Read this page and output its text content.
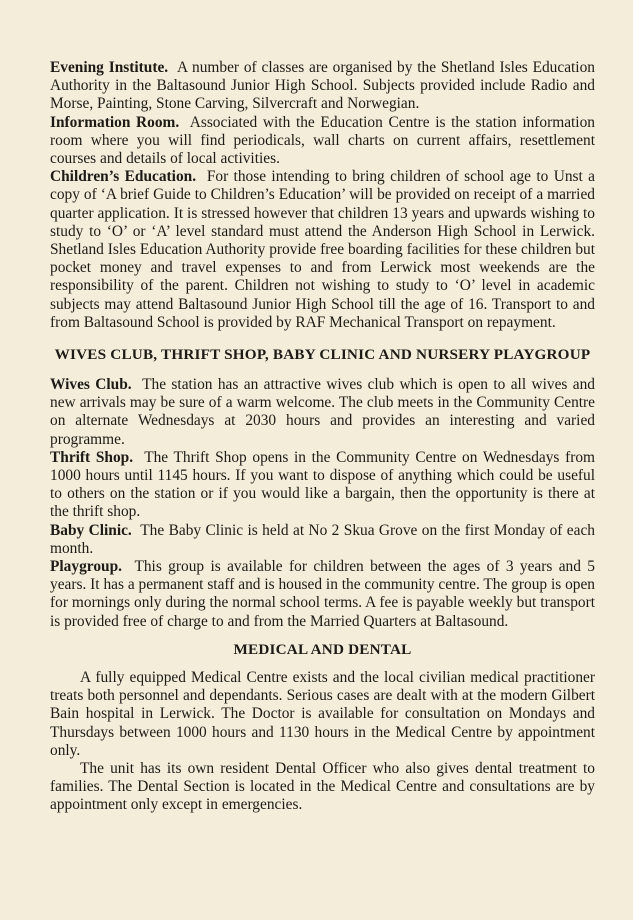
Evening Institute. A number of classes are organised by the Shetland Isles Education Authority in the Baltasound Junior High School. Subjects provided include Radio and Morse, Painting, Stone Carving, Silvercraft and Norwegian.

Information Room. Associated with the Education Centre is the station information room where you will find periodicals, wall charts on current affairs, resettlement courses and details of local activities.

Children’s Education. For those intending to bring children of school age to Unst a copy of ‘A brief Guide to Children’s Education’ will be provided on receipt of a married quarter application. It is stressed however that children 13 years and upwards wishing to study to ‘O’ or ‘A’ level standard must attend the Anderson High School in Lerwick. Shetland Isles Education Authority provide free boarding facilities for these children but pocket money and travel expenses to and from Lerwick most weekends are the responsibility of the parent. Children not wishing to study to ‘O’ level in academic subjects may attend Baltasound Junior High School till the age of 16. Transport to and from Baltasound School is provided by RAF Mechanical Transport on repayment.

WIVES CLUB, THRIFT SHOP, BABY CLINIC AND NURSERY PLAYGROUP

Wives Club. The station has an attractive wives club which is open to all wives and new arrivals may be sure of a warm welcome. The club meets in the Community Centre on alternate Wednesdays at 2030 hours and provides an interesting and varied programme.

Thrift Shop. The Thrift Shop opens in the Community Centre on Wednesdays from 1000 hours until 1145 hours. If you want to dispose of anything which could be useful to others on the station or if you would like a bargain, then the opportunity is there at the thrift shop.

Baby Clinic. The Baby Clinic is held at No 2 Skua Grove on the first Monday of each month.

Playgroup. This group is available for children between the ages of 3 years and 5 years. It has a permanent staff and is housed in the community centre. The group is open for mornings only during the normal school terms. A fee is payable weekly but transport is provided free of charge to and from the Married Quarters at Baltasound.

MEDICAL AND DENTAL

A fully equipped Medical Centre exists and the local civilian medical practitioner treats both personnel and dependants. Serious cases are dealt with at the modern Gilbert Bain hospital in Lerwick. The Doctor is available for consultation on Mondays and Thursdays between 1000 hours and 1130 hours in the Medical Centre by appointment only.

The unit has its own resident Dental Officer who also gives dental treatment to families. The Dental Section is located in the Medical Centre and consultations are by appointment only except in emergencies.
